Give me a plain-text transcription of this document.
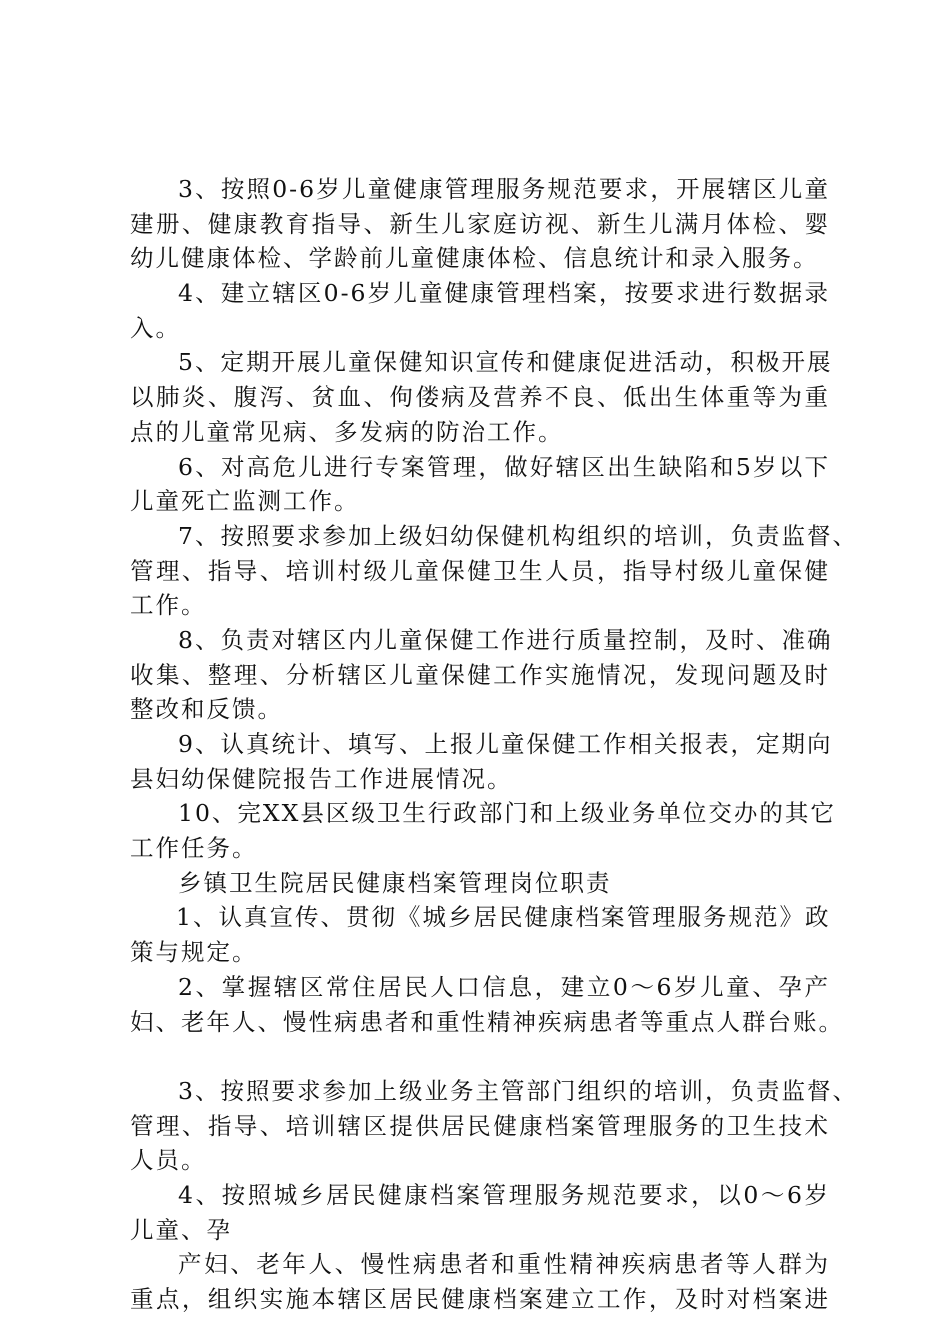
3、按照0-6岁儿童健康管理服务规范要求，开展辖区儿童
建册、健康教育指导、新生儿家庭访视、新生儿满月体检、婴
幼儿健康体检、学龄前儿童健康体检、信息统计和录入服务。
4、建立辖区0-6岁儿童健康管理档案，按要求进行数据录
入。
5、定期开展儿童保健知识宣传和健康促进活动，积极开展
以肺炎、腹泻、贫血、佝偻病及营养不良、低出生体重等为重
点的儿童常见病、多发病的防治工作。
6、对高危儿进行专案管理，做好辖区出生缺陷和5岁以下
儿童死亡监测工作。
7、按照要求参加上级妇幼保健机构组织的培训，负责监督、
管理、指导、培训村级儿童保健卫生人员，指导村级儿童保健
工作。
8、负责对辖区内儿童保健工作进行质量控制，及时、准确
收集、整理、分析辖区儿童保健工作实施情况，发现问题及时
整改和反馈。
9、认真统计、填写、上报儿童保健工作相关报表，定期向
县妇幼保健院报告工作进展情况。
10、完XX县区级卫生行政部门和上级业务单位交办的其它
工作任务。
乡镇卫生院居民健康档案管理岗位职责
1、认真宣传、贯彻《城乡居民健康档案管理服务规范》政
策与规定。
2、掌握辖区常住居民人口信息，建立0～6岁儿童、孕产
妇、老年人、慢性病患者和重性精神疾病患者等重点人群台账。
3、按照要求参加上级业务主管部门组织的培训，负责监督、
管理、指导、培训辖区提供居民健康档案管理服务的卫生技术
人员。
4、按照城乡居民健康档案管理服务规范要求，以0～6岁
儿童、孕
产妇、老年人、慢性病患者和重性精神疾病患者等人群为
重点，组织实施本辖区居民健康档案建立工作，及时对档案进
